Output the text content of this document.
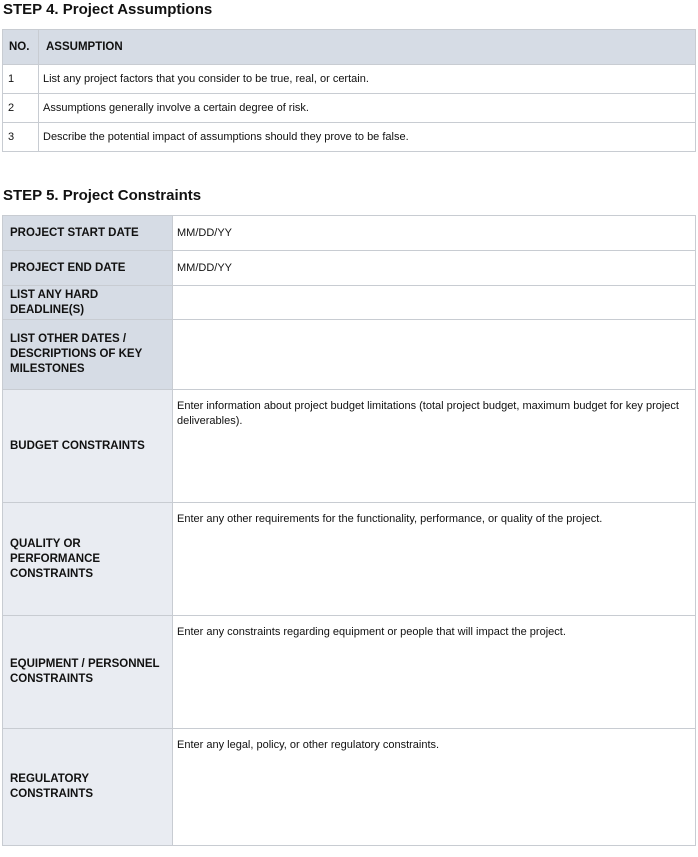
STEP 4. Project Assumptions
NO.	ASSUMPTION
1	List any project factors that you consider to be true, real, or certain.
2	Assumptions generally involve a certain degree of risk.
3	Describe the potential impact of assumptions should they prove to be false.
STEP 5. Project Constraints
PROJECT START DATE	MM/DD/YY
PROJECT END DATE	MM/DD/YY
LIST ANY HARD DEADLINE(S)	
LIST OTHER DATES / DESCRIPTIONS OF KEY MILESTONES	
BUDGET CONSTRAINTS	Enter information about project budget limitations (total project budget, maximum budget for key project deliverables).
QUALITY OR PERFORMANCE CONSTRAINTS	Enter any other requirements for the functionality, performance, or quality of the project.
EQUIPMENT / PERSONNEL CONSTRAINTS	Enter any constraints regarding equipment or people that will impact the project.
REGULATORY CONSTRAINTS	Enter any legal, policy, or other regulatory constraints.
